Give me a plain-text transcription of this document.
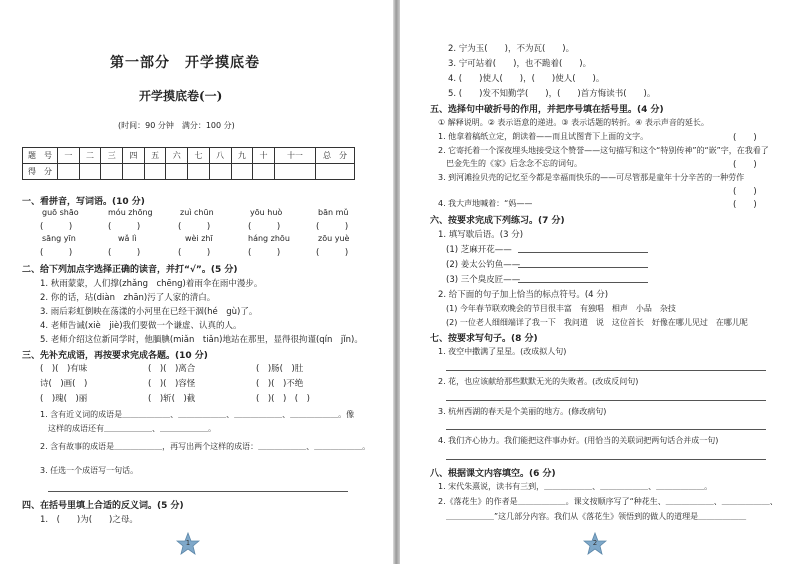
第一部分　开学摸底卷
开学摸底卷(一)
(时间：90 分钟　满分：100 分)
题　号	一	二	三	四	五	六	七	八	九	十	十一	总　分
得　分												
一、看拼音，写词语。(10 分)
guō shāo	móu zhōng	zuì chūn	yōu huò	bān mǔ
(　　　)	(　　　)	(　　　)	(　　　)	(　　　)
sāng yīn	wǎ lì	wèi zhī	háng zhōu	zōu yuè
(　　　)	(　　　)	(　　　)	(　　　)	(　　　)
二、给下列加点字选择正确的读音，并打“√”。(5 分)
1. 秋雨蒙蒙，人们撑(zhǎng　chēng)着雨伞在雨中漫步。
2. 你的话，玷(diàn　zhān)污了人家的清白。
3. 雨后彩虹倒映在荡漾的小河里在已经干涸(hé　gù)了。
4. 老师告诫(xiè　jiè)我们要做一个谦虚、认真的人。
5. 老师介绍这位新同学时，他腼腆(miǎn　tiǎn)地站在那里，显得很拘谨(qín　jǐn)。
三、先补充成语，再按要求完成各题。(10 分)
(　)(　)有味	(　)(　)离合	(　)肠(　)肚
诗(　)画(　)	(　)(　)容怪	(　)(　)不绝
(　)瑰(　)丽	(　)斩(　)截	(　)(　)　(　)
1. 含有近义词的成语是＿＿＿＿＿＿、＿＿＿＿＿＿、＿＿＿＿＿＿、＿＿＿＿＿＿。像
这样的成语还有＿＿＿＿＿＿、＿＿＿＿＿＿。
2. 含有故事的成语是＿＿＿＿＿＿，再写出两个这样的成语：＿＿＿＿＿＿、＿＿＿＿＿＿。
3. 任选一个成语写一句话。
四、在括号里填上合适的反义词。(5 分)
1.　(　　)为(　　)之母。
1
2. 宁为玉(　　)，不为瓦(　　)。
3. 宁可站着(　　)，也不跪着(　　)。
4. (　　)使人(　　)，(　　)使人(　　)。
5. (　　)发不知勤学(　　)，(　　)首方悔读书(　　)。
五、选择句中破折号的作用，并把序号填在括号里。(4 分)
① 解释说明。② 表示语意的递进。③ 表示话题的转折。④ 表示声音的延长。
1. 他拿着稿纸立定，朗读着——而且试图背下上面的文字。	(　　)
2. 它寄托着一个深夜埋头地接受这个赞誉——这句描写和这个“特别传神”的“嵌”字，在我看了
巴金先生的《家》后念念不忘的词句。	(　　)
3. 到河滩捡贝壳的记忆至今都是幸福而快乐的——可尽管那是童年十分辛苦的一种劳作
(　　)
4. 我大声地喊着：“妈——	(　　)
六、按要求完成下列练习。(7 分)
1. 填写歇后语。(3 分)
(1) 芝麻开花——
(2) 姜太公钓鱼——
(3) 三个臭皮匠——
2. 给下面的句子加上恰当的标点符号。(4 分)
(1) 今年春节联欢晚会的节目很丰富　有独唱　相声　小品　杂技
(2) 一位老人细细端详了我一下　我问道　说　这位首长　好像在哪儿见过　在哪儿呢
七、按要求写句子。(8 分)
1. 夜空中撒满了星星。(改成拟人句)
2. 花，也应该献给那些默默无光的失败者。(改成反问句)
3. 杭州西湖的春天是个美丽的地方。(修改病句)
4. 我们齐心协力。我们能把这件事办好。(用恰当的关联词把两句话合并成一句)
八、根据课文内容填空。(6 分)
1. 宋代朱熹说，读书有三到，＿＿＿＿＿＿、＿＿＿＿＿＿、＿＿＿＿＿＿。
2.《落花生》的作者是＿＿＿＿＿＿。课文按顺序写了“种花生、＿＿＿＿＿＿、＿＿＿＿＿＿、
＿＿＿＿＿＿”这几部分内容。我们从《落花生》领悟到的做人的道理是＿＿＿＿＿＿
2
